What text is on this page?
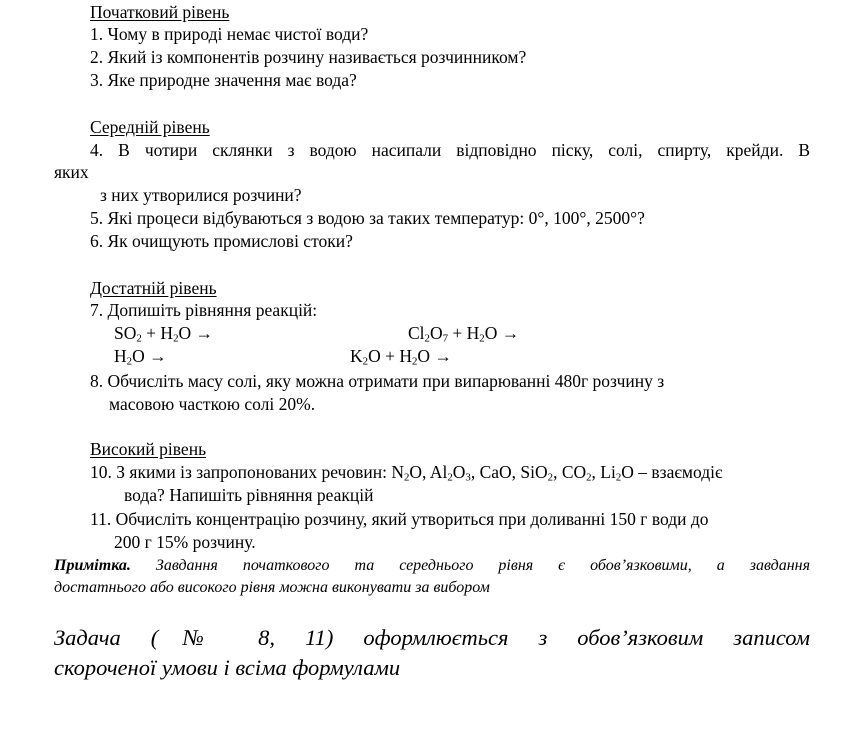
Початковий рівень
1. Чому в природі немає чистої води?
2. Який із компонентів розчину називається розчинником?
3. Яке природне значення має вода?
Середній рівень
4. В чотири склянки з водою насипали відповідно піску, солі, спирту, крейди. В
яких
з них утворилися розчини?
5. Які процеси відбуваються з водою за таких температур: 0°, 100°, 2500°?
6. Як очищують промислові стоки?
Достатній рівень
7. Допишіть рівняння реакцій:
$SO_2 + H_2O$ →	$Cl_2O_7 + H_2O$ →
$H_2O$ →	$K_2O + H_2O$ →
8. Обчисліть масу солі, яку можна отримати при випарюванні 480г розчину з
масовою часткою солі 20%.
Високий рівень
10. З якими із запропонованих речовин: $N_2O$, $Al_2O_3$, CaO, SiO$_2$, $CO_2$, $Li_2O$ – взаємодіє
вода? Напишіть рівняння реакцій
11. Обчисліть концентрацію розчину, який утвориться при доливанні 150 г води до
200 г 15% розчину.
Примітка. Завдання початкового та середнього рівня є обов’язковими, а завдання
достатнього або високого рівня можна виконувати за вибором
Задача (№ 8, 11) оформлюється з обов’язковим записом
скороченої умови і всіма формулами
